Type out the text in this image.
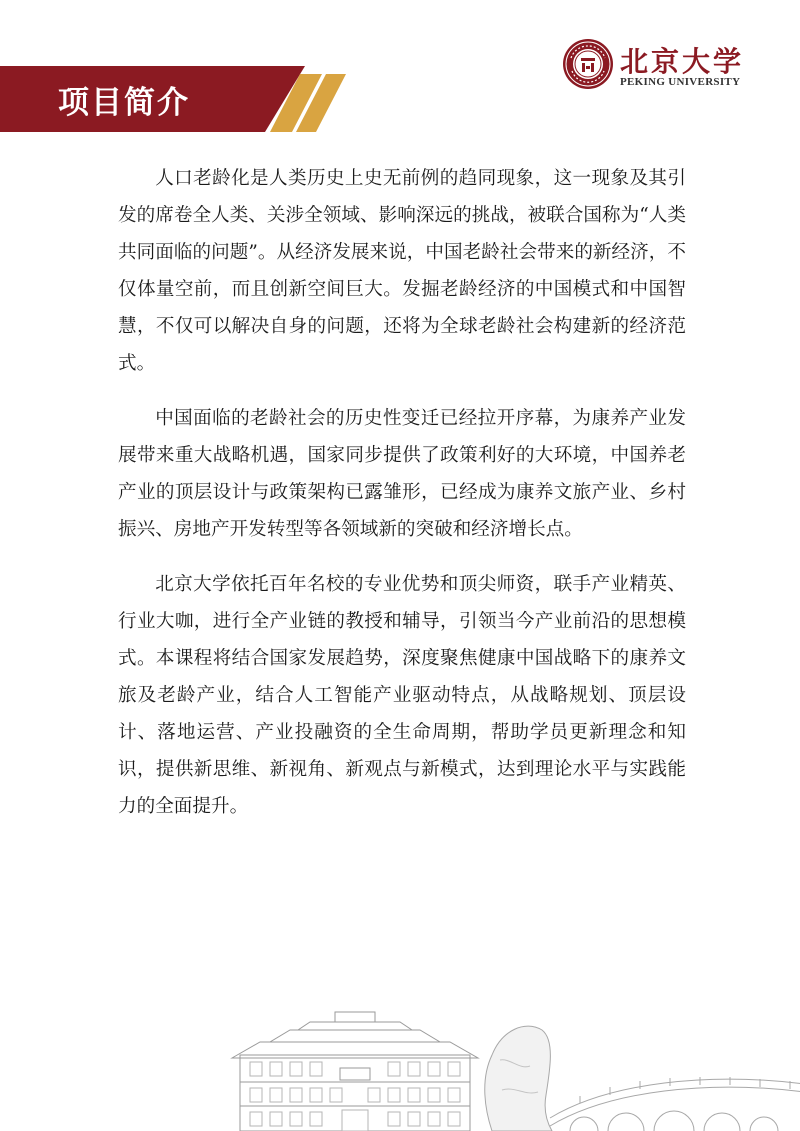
项目简介
北京大学
PEKING UNIVERSITY

人口老龄化是人类历史上史无前例的趋同现象，这一现象及其引发的席卷全人类、关涉全领域、影响深远的挑战，被联合国称为“人类共同面临的问题”。从经济发展来说，中国老龄社会带来的新经济，不仅体量空前，而且创新空间巨大。发掘老龄经济的中国模式和中国智慧，不仅可以解决自身的问题，还将为全球老龄社会构建新的经济范式。

中国面临的老龄社会的历史性变迁已经拉开序幕，为康养产业发展带来重大战略机遇，国家同步提供了政策利好的大环境，中国养老产业的顶层设计与政策架构已露雏形，已经成为康养文旅产业、乡村振兴、房地产开发转型等各领域新的突破和经济增长点。

北京大学依托百年名校的专业优势和顶尖师资，联手产业精英、行业大咖，进行全产业链的教授和辅导，引领当今产业前沿的思想模式。本课程将结合国家发展趋势，深度聚焦健康中国战略下的康养文旅及老龄产业，结合人工智能产业驱动特点，从战略规划、顶层设计、落地运营、产业投融资的全生命周期，帮助学员更新理念和知识，提供新思维、新视角、新观点与新模式，达到理论水平与实践能力的全面提升。
